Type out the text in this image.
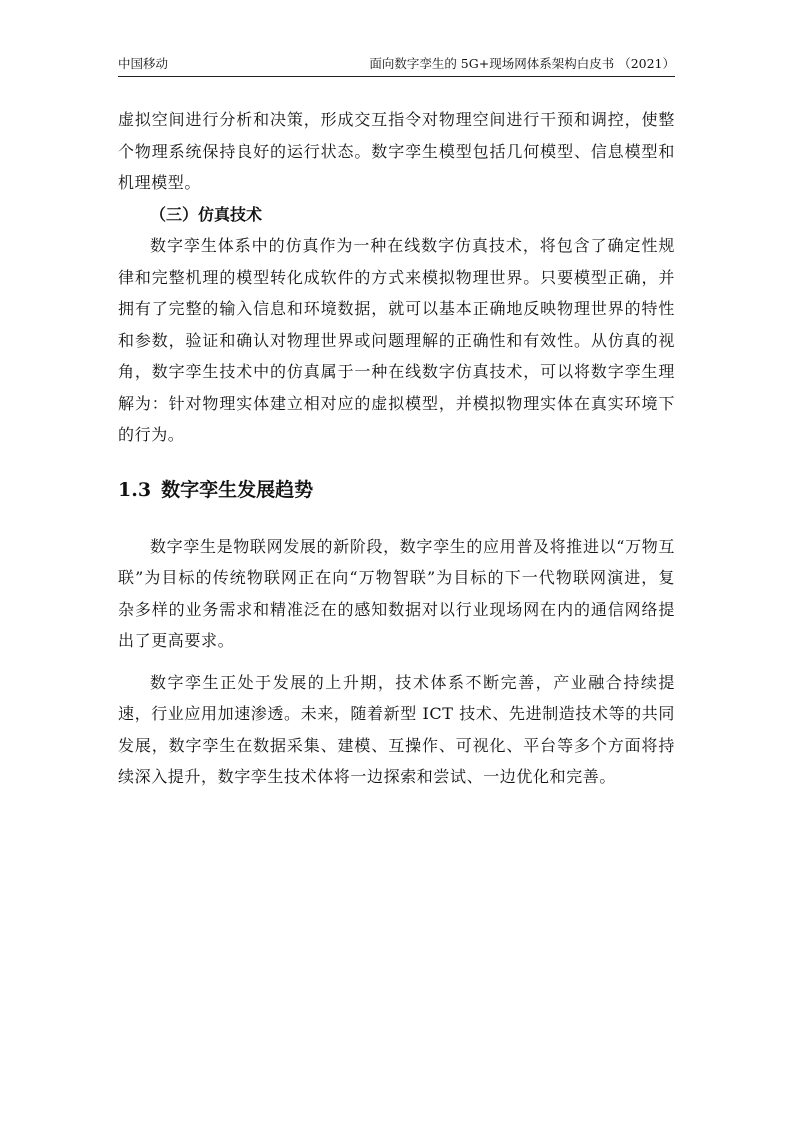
中国移动	面向数字孪生的 5G+现场网体系架构白皮书 （2021）

虚拟空间进行分析和决策，形成交互指令对物理空间进行干预和调控，使整个物理系统保持良好的运行状态。数字孪生模型包括几何模型、信息模型和机理模型。

（三）仿真技术

数字孪生体系中的仿真作为一种在线数字仿真技术，将包含了确定性规律和完整机理的模型转化成软件的方式来模拟物理世界。只要模型正确，并拥有了完整的输入信息和环境数据，就可以基本正确地反映物理世界的特性和参数，验证和确认对物理世界或问题理解的正确性和有效性。从仿真的视角，数字孪生技术中的仿真属于一种在线数字仿真技术，可以将数字孪生理解为：针对物理实体建立相对应的虚拟模型，并模拟物理实体在真实环境下的行为。

1.3 数字孪生发展趋势

数字孪生是物联网发展的新阶段，数字孪生的应用普及将推进以“万物互联”为目标的传统物联网正在向“万物智联”为目标的下一代物联网演进，复杂多样的业务需求和精准泛在的感知数据对以行业现场网在内的通信网络提出了更高要求。

数字孪生正处于发展的上升期，技术体系不断完善，产业融合持续提速，行业应用加速渗透。未来，随着新型 ICT 技术、先进制造技术等的共同发展，数字孪生在数据采集、建模、互操作、可视化、平台等多个方面将持续深入提升，数字孪生技术体将一边探索和尝试、一边优化和完善。
